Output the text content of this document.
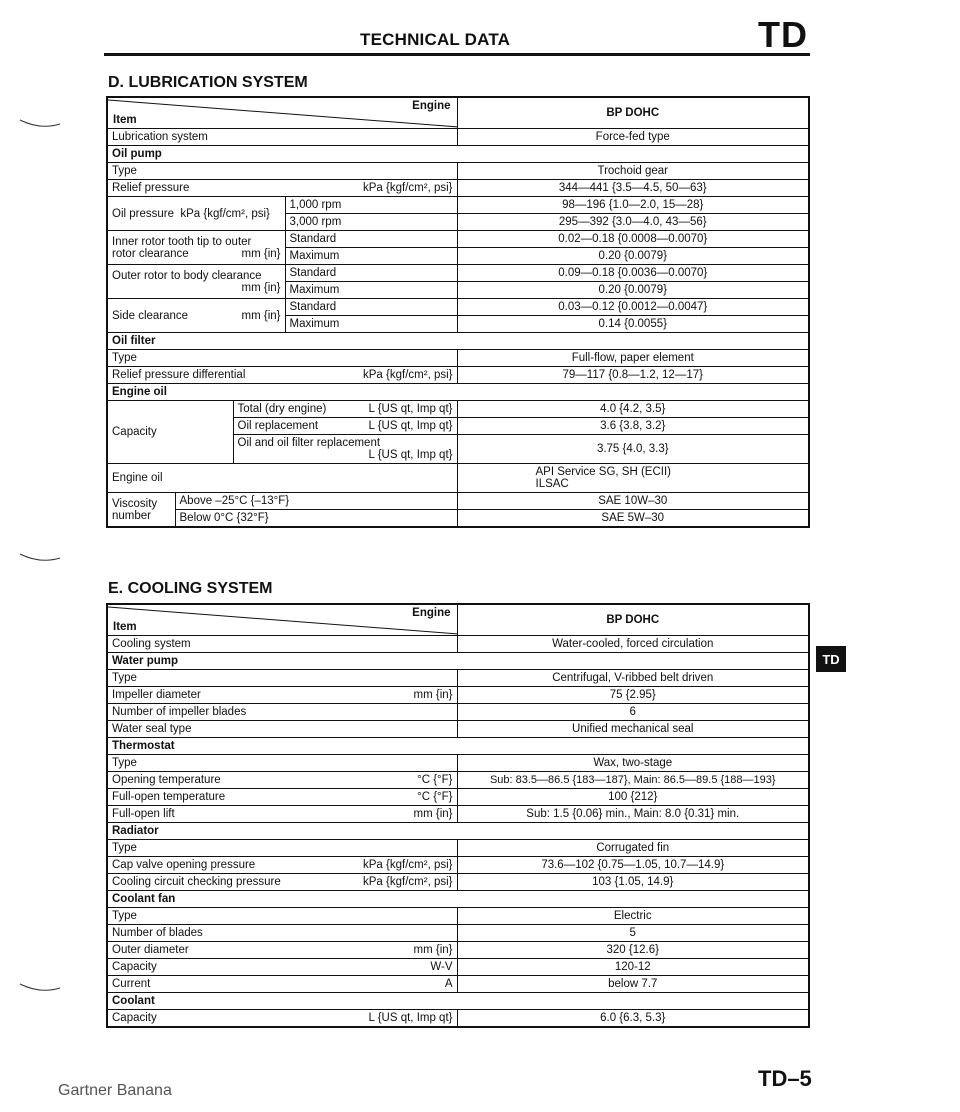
TECHNICAL DATA	TD
D. LUBRICATION SYSTEM
Engine
Item				BP DOHC
Lubrication system				Force-fed type
Oil pump				
Type				Trochoid gear

Relief pressure kPa {kgf/cm², psi}				344—441 {3.5—4.5, 50—63}
Oil pressure kPa {kgf/cm², psi}			1,000 rpm	98—196 {1.0—2.0, 15—28}
			3,000 rpm	295—392 {3.0—4.0, 43—56}

Inner rotor tooth tip to outer
rotor clearance mm {in}			Standard	0.02—0.18 {0.0008—0.0070}
			Maximum	0.20 {0.0079}

Outer rotor to body clearance
mm {in}			Standard	0.09—0.18 {0.0036—0.0070}
			Maximum	0.20 {0.0079}

Side clearance mm {in}			Standard	0.03—0.12 {0.0012—0.0047}
			Maximum	0.14 {0.0055}
Oil filter				
Type				Full-flow, paper element

Relief pressure differential kPa {kgf/cm², psi}				79—117 {0.8—1.2, 12—17}
Engine oil				
Capacity		Total (dry engine) L {US qt, Imp qt}		4.0 {4.2, 3.5}

		Oil replacement L {US qt, Imp qt}		3.6 {3.8, 3.2}

		Oil and oil filter replacement
L {US qt, Imp qt}		3.75 {4.0, 3.3}
Engine oil				API Service SG, SH (ECII)
ILSAC

Viscosity
number	Above –25°C {–13°F}			SAE 10W–30
	Below 0°C {32°F}			SAE 5W–30
E. COOLING SYSTEM
Engine
Item	BP DOHC
Cooling system	Water-cooled, forced circulation
Water pump	
Type	Centrifugal, V-ribbed belt driven

Impeller diameter mm {in}	75 {2.95}
Number of impeller blades	6
Water seal type	Unified mechanical seal
Thermostat	
Type	Wax, two-stage

Opening temperature °C {°F}	Sub: 83.5—86.5 {183—187}, Main: 86.5—89.5 {188—193}

Full-open temperature °C {°F}	100 {212}

Full-open lift mm {in}	Sub: 1.5 {0.06} min., Main: 8.0 {0.31} min.
Radiator	
Type	Corrugated fin

Cap valve opening pressure kPa {kgf/cm², psi}	73.6—102 {0.75—1.05, 10.7—14.9}

Cooling circuit checking pressure kPa {kgf/cm², psi}	103 {1.05, 14.9}
Coolant fan	
Type	Electric
Number of blades	5

Outer diameter mm {in}	320 {12.6}

Capacity W-V	120-12

Current A	below 7.7
Coolant	

Capacity L {US qt, Imp qt}	6.0 {6.3, 5.3}
TD
Gartner Banana	TD–5
